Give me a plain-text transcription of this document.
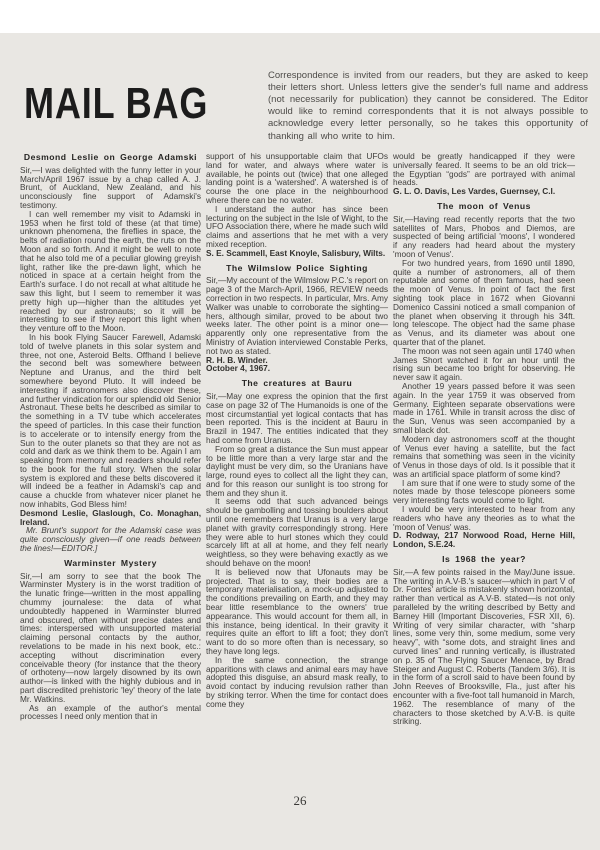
MAIL BAG

Correspondence is invited from our readers, but they are asked to keep their letters short. Unless letters give the sender's full name and address (not necessarily for publication) they cannot be considered. The Editor would like to remind correspondents that it is not always possible to acknowledge every letter personally, so he takes this opportunity of thanking all who write to him.

Desmond Leslie on George Adamski
Sir,—I was delighted with the funny letter in your March/April 1967 issue by a chap called A. J. Brunt, of Auckland, New Zealand, and his unconsciously fine support of Adamski's testimony.
I can well remember my visit to Adamski in 1953 when he first told of these (at that time) unknown phenomena, the fireflies in space, the belts of radiation round the earth, the ruts on the Moon and so forth. And it might be well to note that he also told me of a peculiar glowing greyish light, rather like the pre-dawn light, which he noticed in space at a certain height from the Earth's surface. I do not recall at what altitude he saw this light, but I seem to remember it was pretty high up—higher than the altitudes yet reached by our astronauts; so it will be interesting to see if they report this light when they venture off to the Moon.
In his book Flying Saucer Farewell, Adamski told of twelve planets in this solar system and three, not one, Asteroid Belts. Offhand I believe the second belt was somewhere between Neptune and Uranus, and the third belt somewhere beyond Pluto. It will indeed be interesting if astronomers also discover these, and further vindication for our splendid old Senior Astronaut. These belts he described as similar to the something in a TV tube which accelerates the speed of particles. In this case their function is to accelerate or to intensify energy from the Sun to the outer planets so that they are not as cold and dark as we think them to be. Again I am speaking from memory and readers should refer to the book for the full story. When the solar system is explored and these belts discovered it will indeed be a feather in Adamski's cap and cause a chuckle from whatever nicer planet he now inhabits, God Bless him!
Desmond Leslie, Glaslough, Co. Monaghan, Ireland.
Mr. Brunt's support for the Adamski case was quite consciously given—if one reads between the lines!—EDITOR.]
Warminster Mystery
Sir,—I am sorry to see that the book The Warminster Mystery is in the worst tradition of the lunatic fringe—written in the most appalling chummy journalese: the data of what undoubtedly happened in Warminster blurred and obscured, often without precise dates and times: interspersed with unsupported material claiming personal contacts by the author, revelations to be made in his next book, etc.: accepting without discrimination every conceivable theory (for instance that the theory of orthoteny—now largely disowned by its own author—is linked with the highly dubious and in part discredited prehistoric 'ley' theory of the late Mr. Watkins.
As an example of the author's mental processes I need only mention that in
support of his unsupportable claim that UFOs land for water, and always where water is available, he points out (twice) that one alleged landing point is a 'watershed'. A watershed is of course the one place in the neighbourhood where there can be no water.
I understand the author has since been lecturing on the subject in the Isle of Wight, to the UFO Association there, where he made such wild claims and assertions that he met with a very mixed reception.
S. E. Scammell, East Knoyle, Salisbury, Wilts.
The Wilmslow Police Sighting
Sir,—My account of the Wilmslow P.C.'s report on page 3 of the March-April, 1966, REVIEW needs correction in two respects. In particular, Mrs. Amy Walker was unable to corroborate the sighting—hers, although similar, proved to be about two weeks later. The other point is a minor one—apparently only one representative from the Ministry of Aviation interviewed Constable Perks, not two as stated.
R. H. B. Winder.
October 4, 1967.
The creatures at Bauru
Sir,—May one express the opinion that the first case on page 32 of The Humanoids is one of the most circumstantial yet logical contacts that has been reported. This is the incident at Bauru in Brazil in 1947. The entities indicated that they had come from Uranus.
From so great a distance the Sun must appear to be little more than a very large star and the daylight must be very dim, so the Uranians have large, round eyes to collect all the light they can, and for this reason our sunlight is too strong for them and they shun it.
It seems odd that such advanced beings should be gambolling and tossing boulders about until one remembers that Uranus is a very large planet with gravity correspondingly strong. Here they were able to hurl stones which they could scarcely lift at all at home, and they felt nearly weightless, so they were behaving exactly as we should behave on the moon!
It is believed now that Ufonauts may be projected. That is to say, their bodies are a temporary materialisation, a mock-up adjusted to the conditions prevailing on Earth, and they may bear little resemblance to the owners' true appearance. This would account for them all, in this instance, being identical. In their gravity it requires quite an effort to lift a foot; they don't want to do so more often than is necessary, so they have long legs.
In the same connection, the strange apparitions with claws and animal ears may have adopted this disguise, an absurd mask really, to avoid contact by inducing revulsion rather than by striking terror. When the time for contact does come they
would be greatly handicapped if they were universally feared. It seems to be an old trick—the Egyptian “gods” are portrayed with animal heads.
G. L. O. Davis, Les Vardes, Guernsey, C.I.
The moon of Venus
Sir,—Having read recently reports that the two satellites of Mars, Phobos and Diemos, are suspected of being artificial 'moons', I wondered if any readers had heard about the mystery 'moon of Venus'.
For two hundred years, from 1690 until 1890, quite a number of astronomers, all of them reputable and some of them famous, had seen the moon of Venus. In point of fact the first sighting took place in 1672 when Giovanni Domenico Cassini noticed a small companion of the planet when observing it through his 34ft. long telescope. The object had the same phase as Venus, and its diameter was about one quarter that of the planet.
The moon was not seen again until 1740 when James Short watched it for an hour until the rising sun became too bright for observing. He never saw it again.
Another 19 years passed before it was seen again. In the year 1759 it was observed from Germany. Eighteen separate observations were made in 1761. While in transit across the disc of the Sun, Venus was seen accompanied by a small black dot.
Modern day astronomers scoff at the thought of Venus ever having a satellite, but the fact remains that something was seen in the vicinity of Venus in those days of old. Is it possible that it was an artificial space platform of some kind?
I am sure that if one were to study some of the notes made by those telescope pioneers some very interesting facts would come to light.
I would be very interested to hear from any readers who have any theories as to what the 'moon of Venus' was.
D. Rodway, 217 Norwood Road, Herne Hill, London, S.E.24.
Is 1968 the year?
Sir,—A few points raised in the May/June issue. The writing in A.V-B.'s saucer—which in part V of Dr. Fontes' article is mistakenly shown horizontal, rather than vertical as A.V-B. stated—is not only paralleled by the writing described by Betty and Barney Hill (Important Discoveries, FSR XII, 6). Writing of very similar character, with “sharp lines, some very thin, some medium, some very heavy”, with “some dots, and straight lines and curved lines” and running vertically, is illustrated on p. 35 of The Flying Saucer Menace, by Brad Steiger and August C. Roberts (Tandem 3/6). It is in the form of a scroll said to have been found by John Reeves of Brooksville, Fla., just after his encounter with a five-foot tall humanoid in March, 1962. The resemblance of many of the characters to those sketched by A.V-B. is quite striking.
26
